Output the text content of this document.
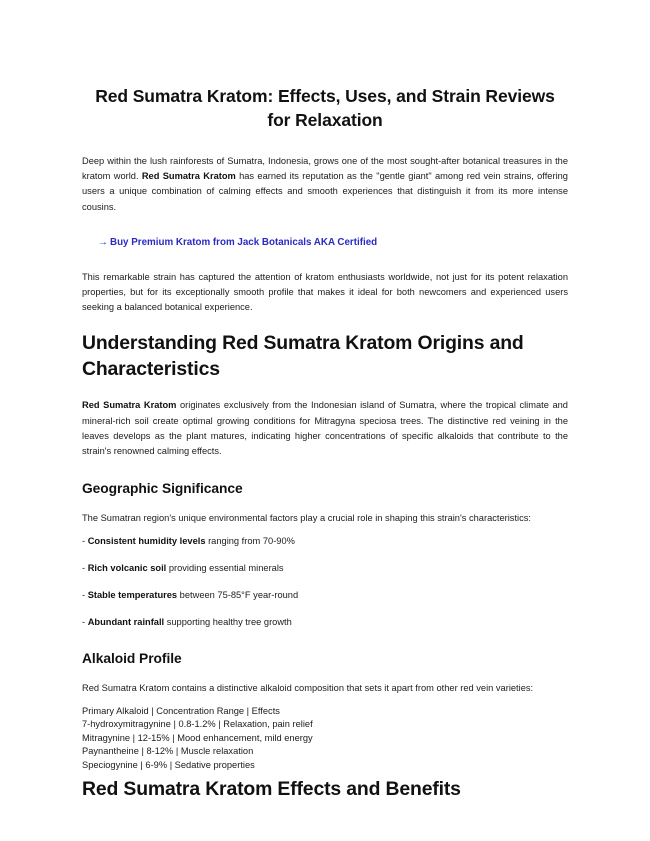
Red Sumatra Kratom: Effects, Uses, and Strain Reviews for Relaxation

Deep within the lush rainforests of Sumatra, Indonesia, grows one of the most sought-after botanical treasures in the kratom world. Red Sumatra Kratom has earned its reputation as the "gentle giant" among red vein strains, offering users a unique combination of calming effects and smooth experiences that distinguish it from its more intense cousins.

→ Buy Premium Kratom from Jack Botanicals AKA Certified

This remarkable strain has captured the attention of kratom enthusiasts worldwide, not just for its potent relaxation properties, but for its exceptionally smooth profile that makes it ideal for both newcomers and experienced users seeking a balanced botanical experience.

Understanding Red Sumatra Kratom Origins and Characteristics

Red Sumatra Kratom originates exclusively from the Indonesian island of Sumatra, where the tropical climate and mineral-rich soil create optimal growing conditions for Mitragyna speciosa trees. The distinctive red veining in the leaves develops as the plant matures, indicating higher concentrations of specific alkaloids that contribute to the strain's renowned calming effects.

Geographic Significance

The Sumatran region's unique environmental factors play a crucial role in shaping this strain's characteristics:

- Consistent humidity levels ranging from 70-90%
- Rich volcanic soil providing essential minerals
- Stable temperatures between 75-85°F year-round
- Abundant rainfall supporting healthy tree growth
Alkaloid Profile

Red Sumatra Kratom contains a distinctive alkaloid composition that sets it apart from other red vein varieties:

Primary Alkaloid | Concentration Range | Effects
7-hydroxymitragynine | 0.8-1.2% | Relaxation, pain relief
Mitragynine | 12-15% | Mood enhancement, mild energy
Paynantheine | 8-12% | Muscle relaxation
Speciogynine | 6-9% | Sedative properties
Red Sumatra Kratom Effects and Benefits
